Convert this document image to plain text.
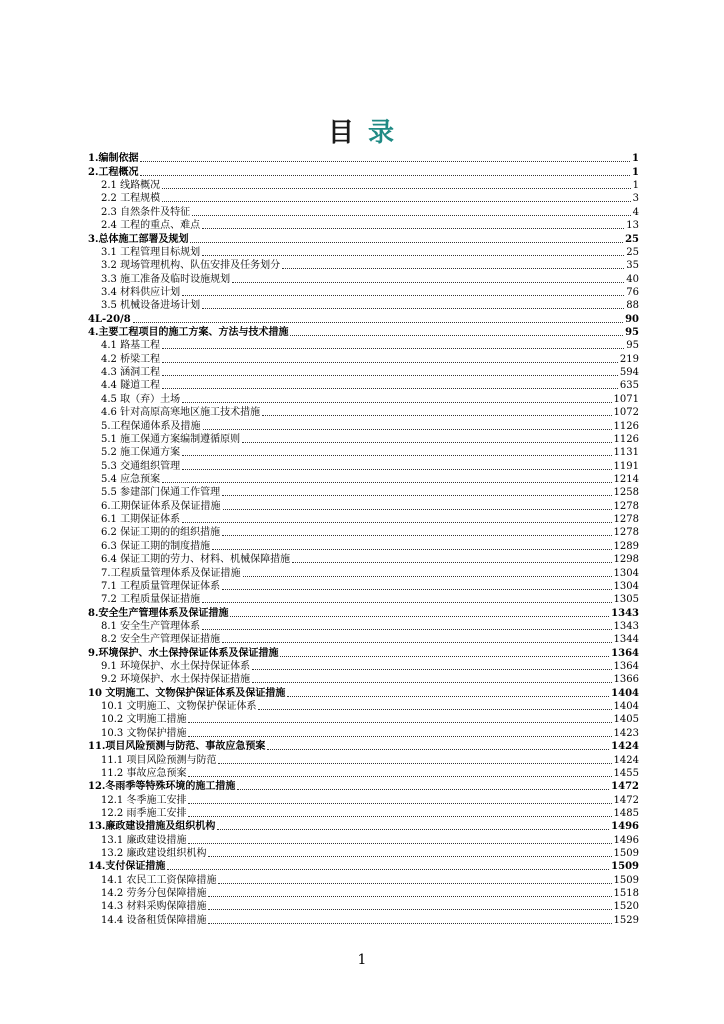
目 录
1.编制依据	1
2.工程概况	1
2.1 线路概况	1
2.2 工程规模	3
2.3 自然条件及特征	4
2.4 工程的重点、难点	13
3.总体施工部署及规划	25
3.1 工程管理目标规划	25
3.2 现场管理机构、队伍安排及任务划分	35
3.3 施工准备及临时设施规划	40
3.4 材料供应计划	76
3.5 机械设备进场计划	88
4L-20/8	90
4.主要工程项目的施工方案、方法与技术措施	95
4.1 路基工程	95
4.2 桥梁工程	219
4.3 涵洞工程	594
4.4 隧道工程	635
4.5 取（弃）土场	1071
4.6 针对高原高寒地区施工技术措施	1072
5.工程保通体系及措施	1126
5.1 施工保通方案编制遵循原则	1126
5.2 施工保通方案	1131
5.3 交通组织管理	1191
5.4 应急预案	1214
5.5 参建部门保通工作管理	1258
6.工期保证体系及保证措施	1278
6.1 工期保证体系	1278
6.2 保证工期的的组织措施	1278
6.3 保证工期的制度措施	1289
6.4 保证工期的劳力、材料、机械保障措施	1298
7.工程质量管理体系及保证措施	1304
7.1 工程质量管理保证体系	1304
7.2 工程质量保证措施	1305
8.安全生产管理体系及保证措施	1343
8.1 安全生产管理体系	1343
8.2 安全生产管理保证措施	1344
9.环境保护、水土保持保证体系及保证措施	1364
9.1 环境保护、水土保持保证体系	1364
9.2 环境保护、水土保持保证措施	1366
10 文明施工、文物保护保证体系及保证措施	1404
10.1 文明施工、文物保护保证体系	1404
10.2 文明施工措施	1405
10.3 文物保护措施	1423
11.项目风险预测与防范、事故应急预案	1424
11.1 项目风险预测与防范	1424
11.2 事故应急预案	1455
12.冬雨季等特殊环境的施工措施	1472
12.1 冬季施工安排	1472
12.2 雨季施工安排	1485
13.廉政建设措施及组织机构	1496
13.1 廉政建设措施	1496
13.2 廉政建设组织机构	1509
14.支付保证措施	1509
14.1 农民工工资保障措施	1509
14.2 劳务分包保障措施	1518
14.3 材料采购保障措施	1520
14.4 设备租赁保障措施	1529
1
